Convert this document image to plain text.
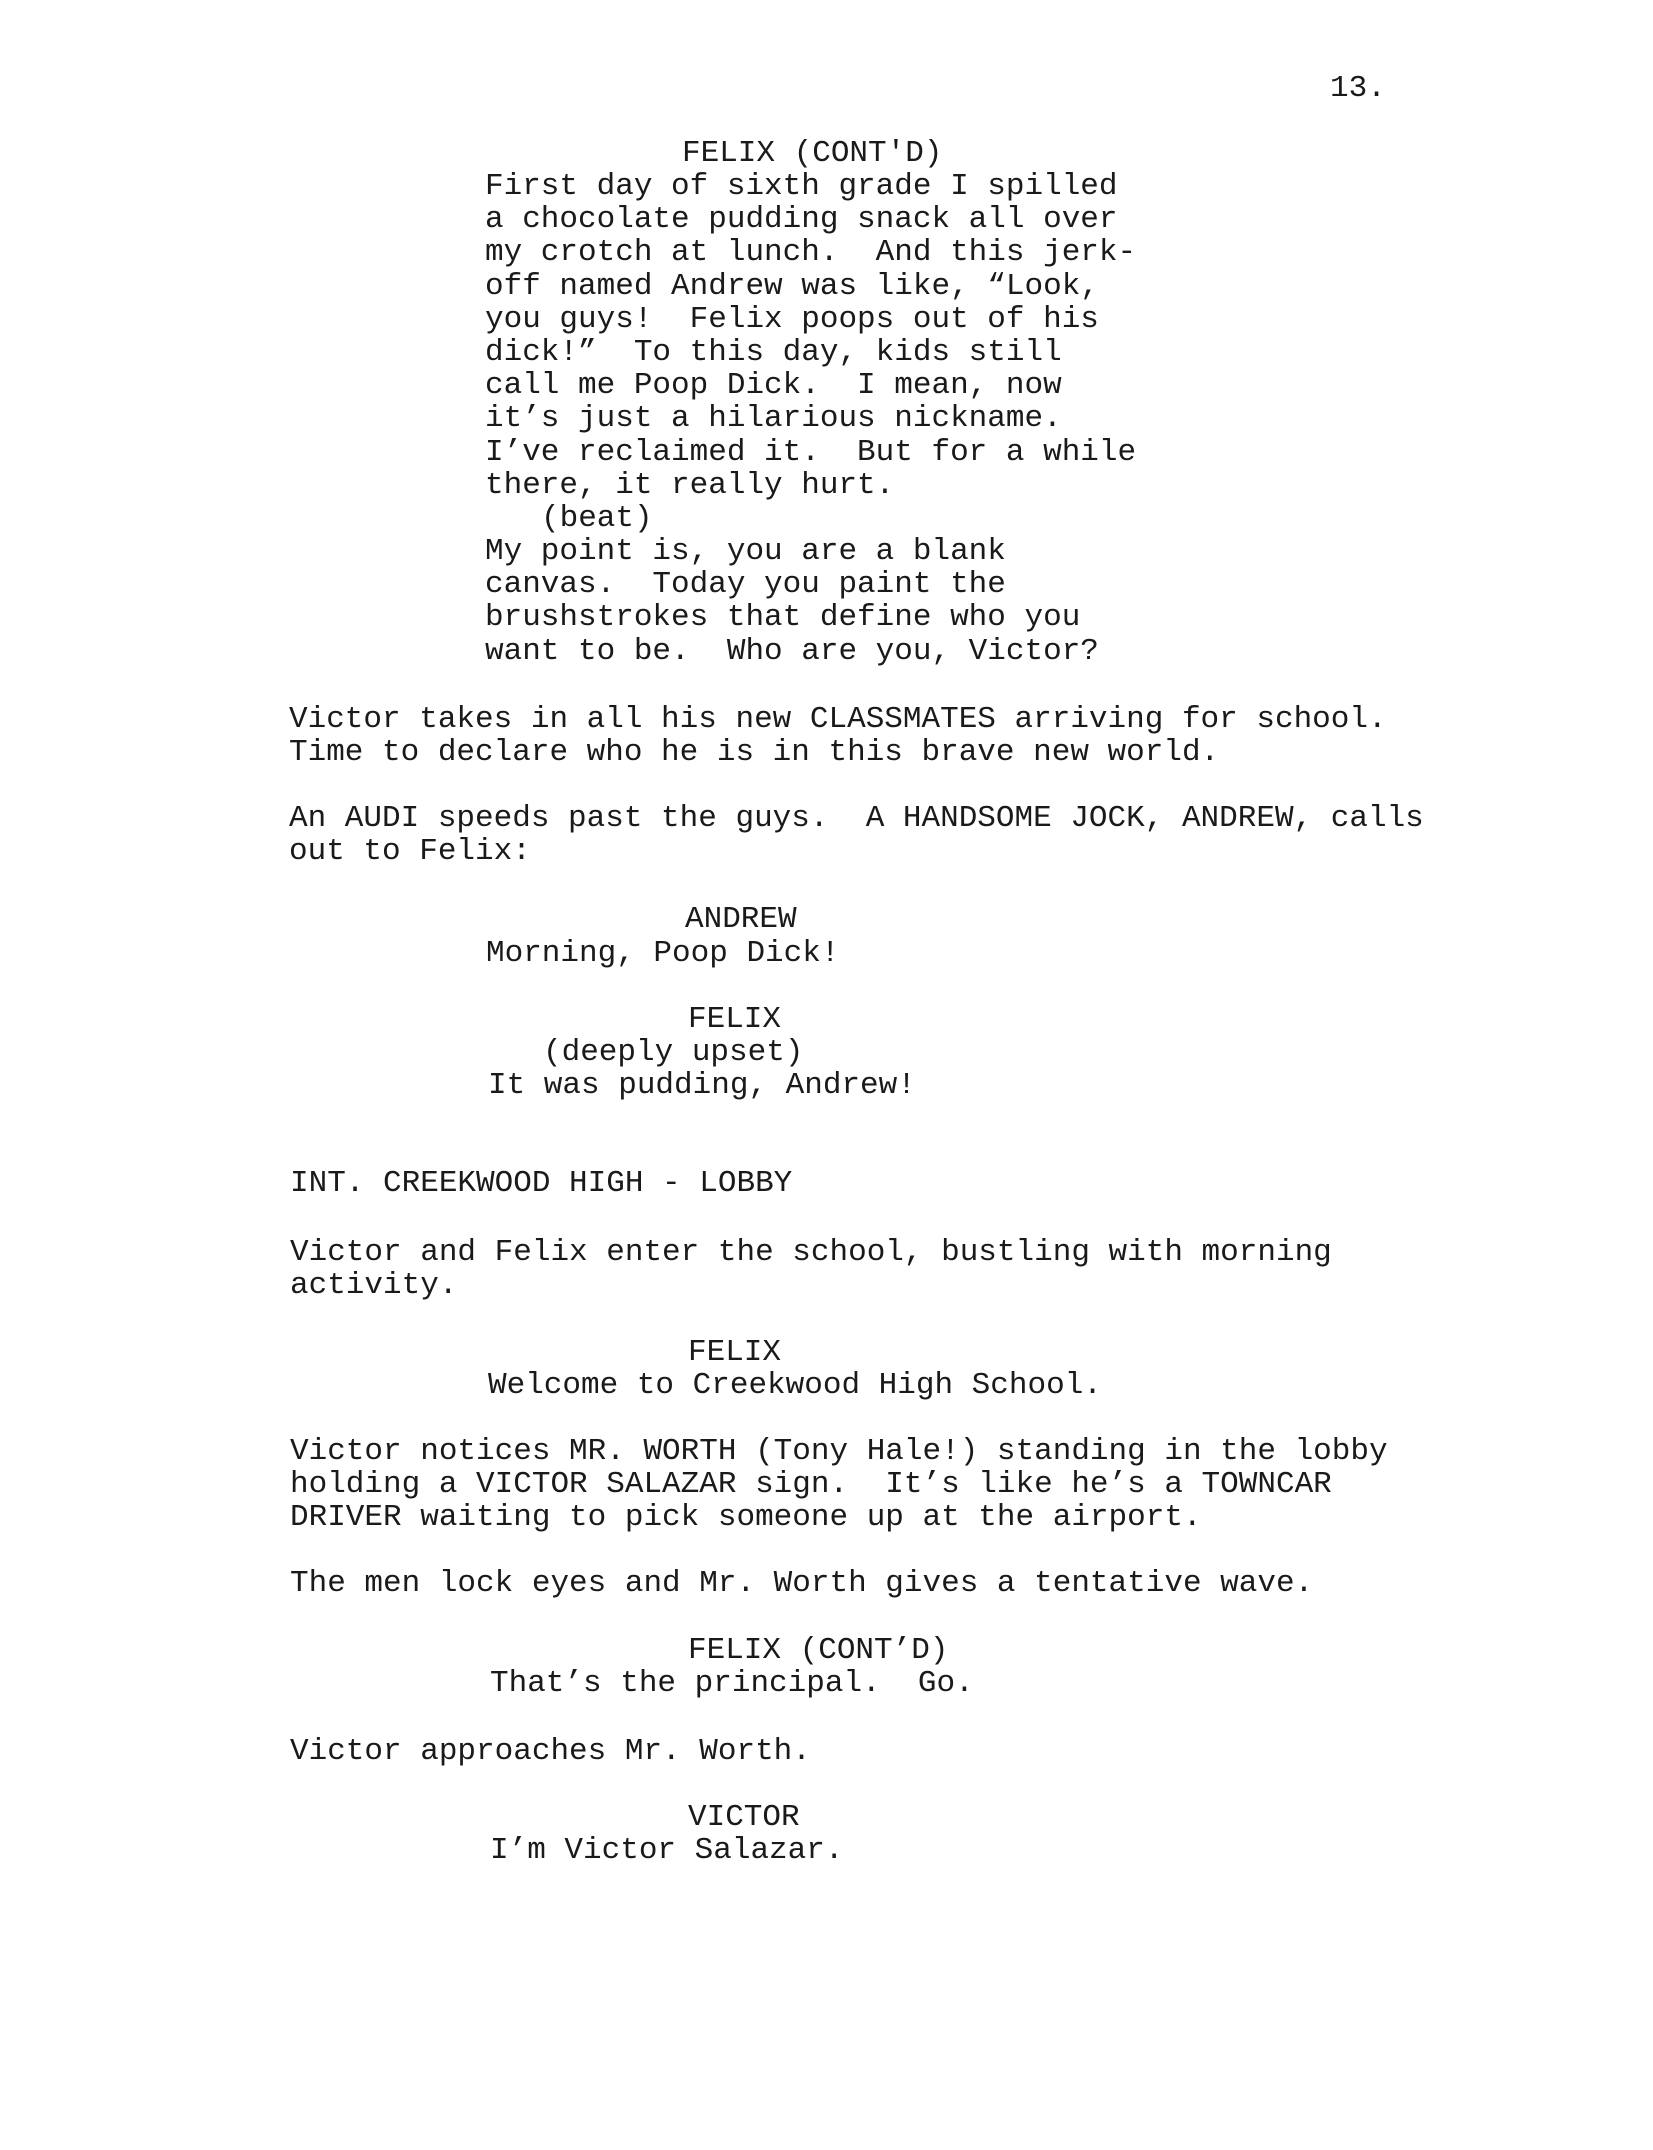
13.

FELIX (CONT'D)

First day of sixth grade I spilled
a chocolate pudding snack all over
my crotch at lunch.  And this jerk-
off named Andrew was like, “Look,
you guys!  Felix poops out of his
dick!”  To this day, kids still
call me Poop Dick.  I mean, now
it’s just a hilarious nickname.
I’ve reclaimed it.  But for a while
there, it really hurt.

(beat)

My point is, you are a blank
canvas.  Today you paint the
brushstrokes that define who you
want to be.  Who are you, Victor?

Victor takes in all his new CLASSMATES arriving for school.
Time to declare who he is in this brave new world.

An AUDI speeds past the guys.  A HANDSOME JOCK, ANDREW, calls
out to Felix:

ANDREW

Morning, Poop Dick!

FELIX

(deeply upset)

It was pudding, Andrew!

INT. CREEKWOOD HIGH - LOBBY

Victor and Felix enter the school, bustling with morning
activity.

FELIX

Welcome to Creekwood High School.

Victor notices MR. WORTH (Tony Hale!) standing in the lobby
holding a VICTOR SALAZAR sign.  It’s like he’s a TOWNCAR
DRIVER waiting to pick someone up at the airport.

The men lock eyes and Mr. Worth gives a tentative wave.

FELIX (CONT’D)

That’s the principal.  Go.

Victor approaches Mr. Worth.

VICTOR

I’m Victor Salazar.
